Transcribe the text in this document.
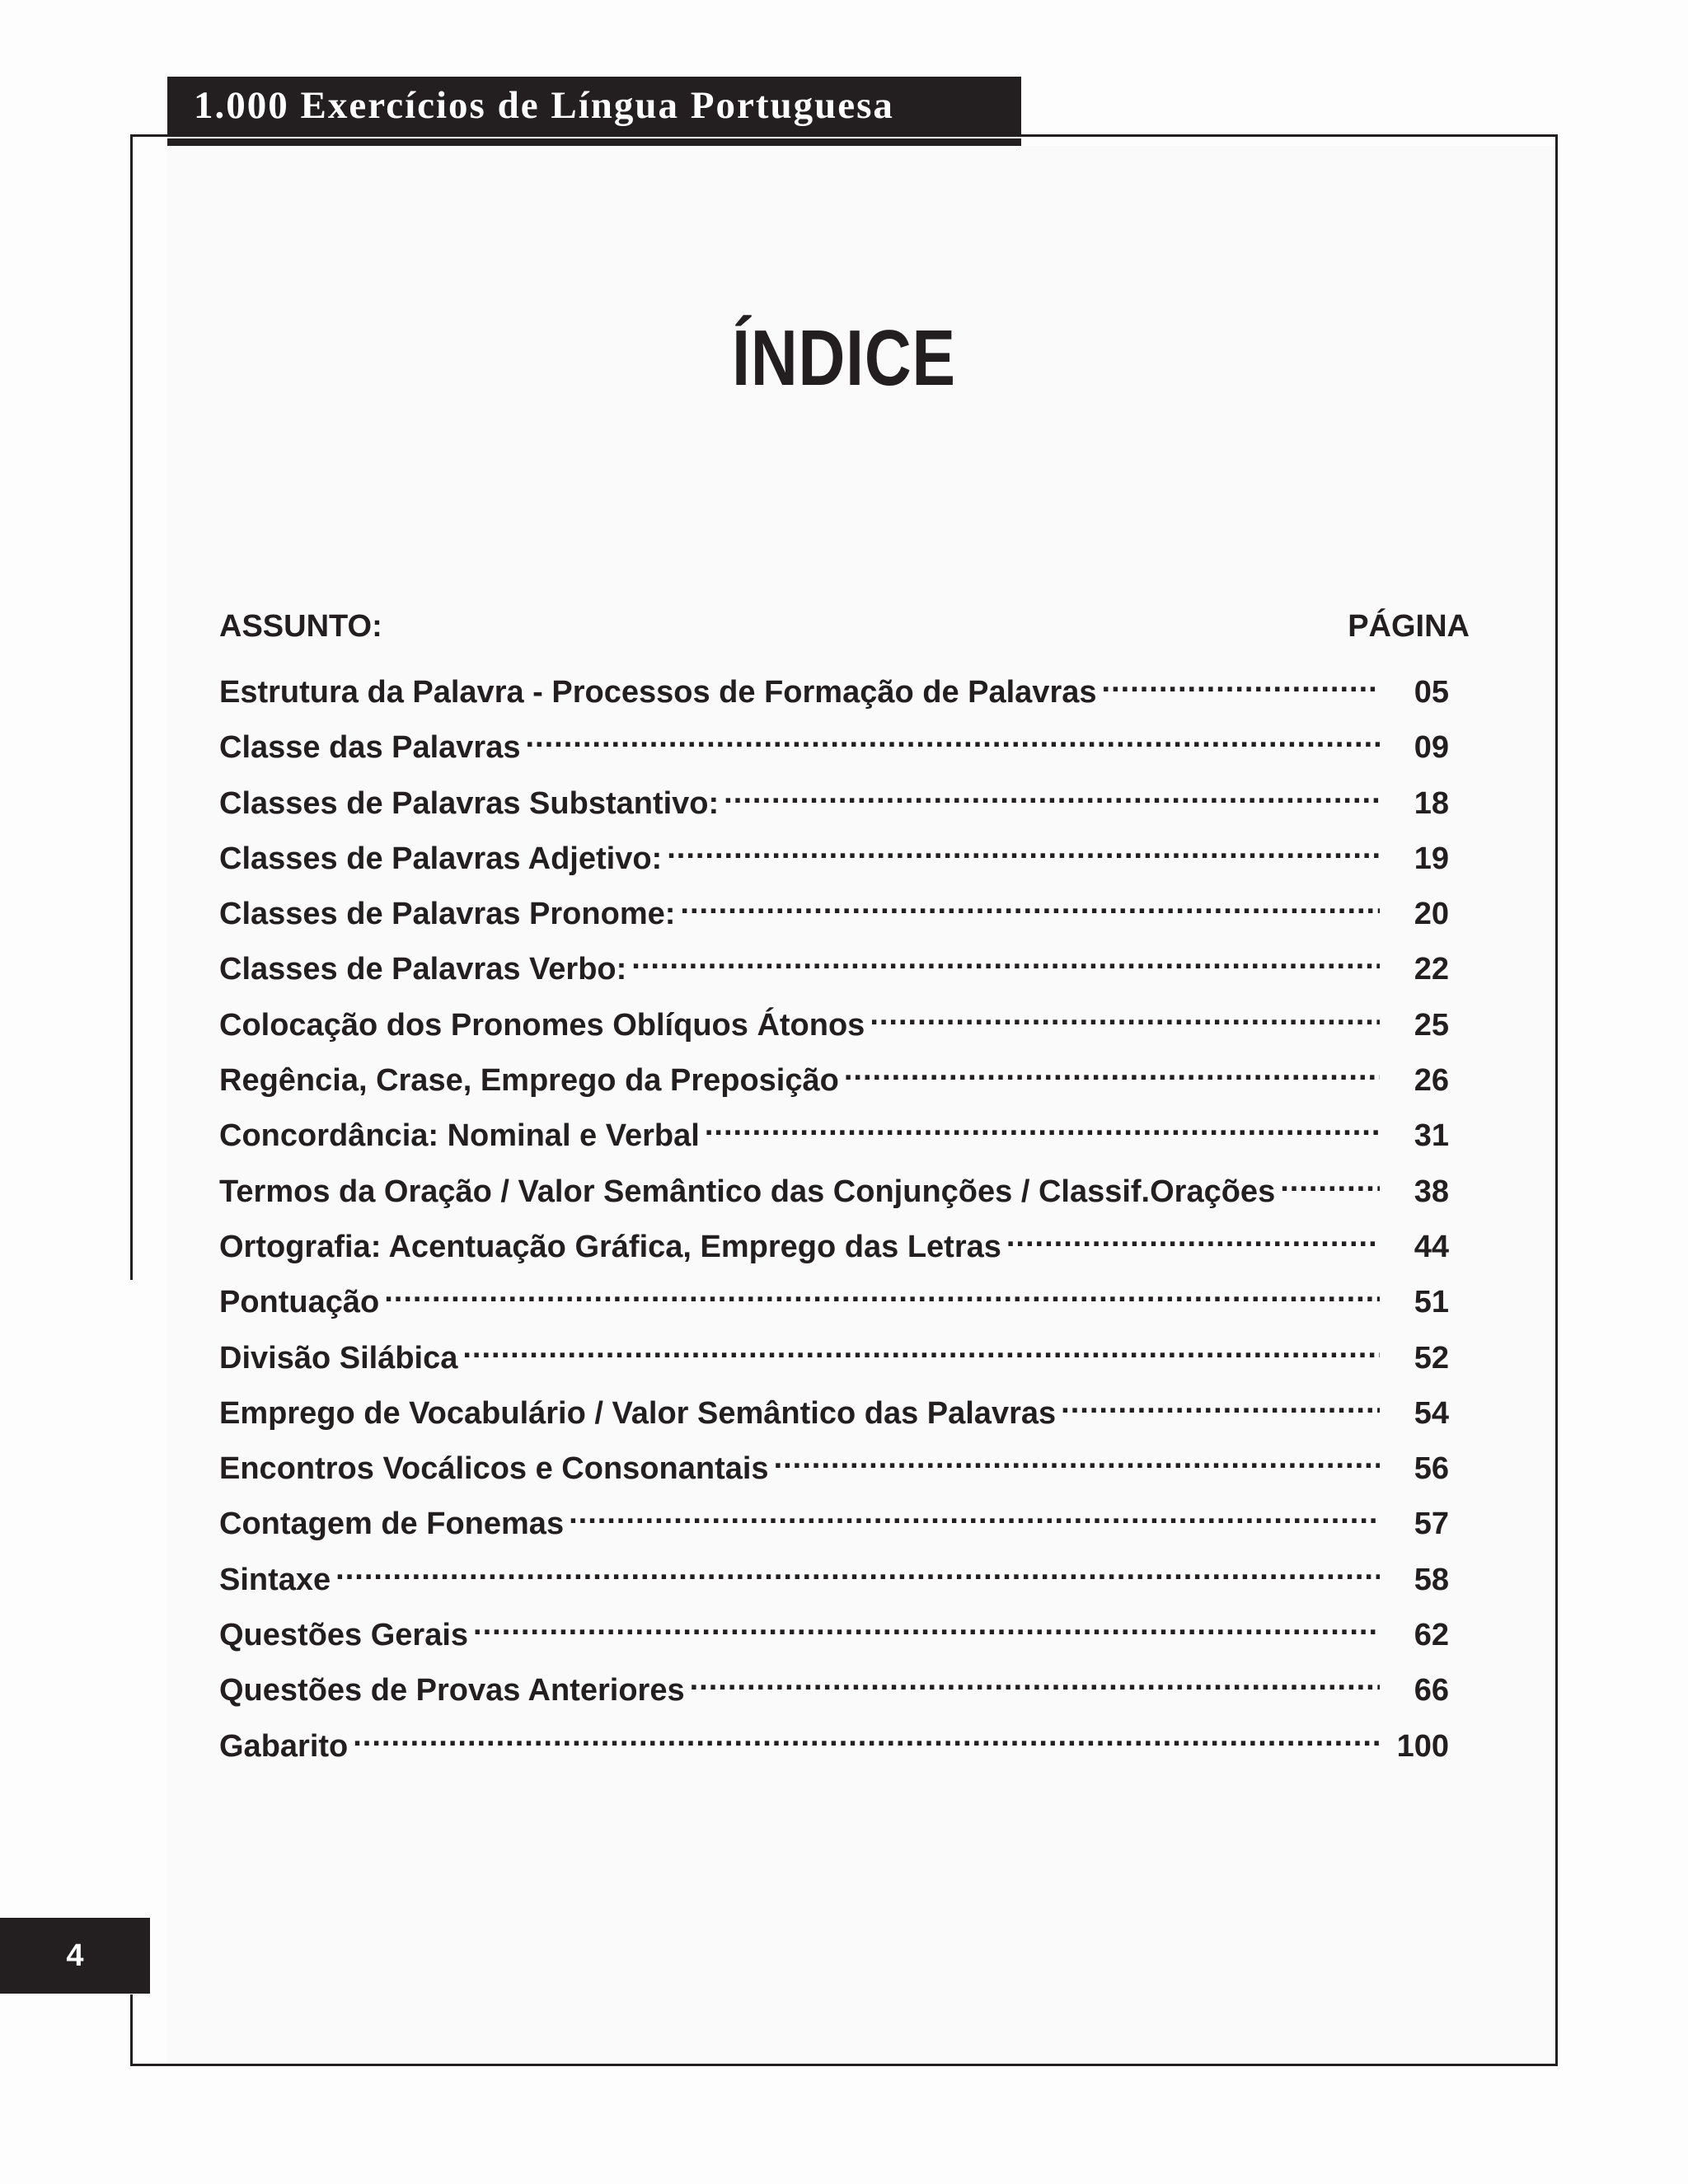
1.000 Exercícios de Língua Portuguesa
ÍNDICE
ASSUNTO:	PÁGINA
Estrutura da Palavra - Processos de Formação de Palavras .....	05
Classe das Palavras .....	09
Classes de Palavras Substantivo: .....	18
Classes de Palavras Adjetivo: .....	19
Classes de Palavras Pronome: .....	20
Classes de Palavras Verbo: .....	22
Colocação dos Pronomes Oblíquos Átonos .....	25
Regência, Crase, Emprego da Preposição .....	26
Concordância: Nominal e Verbal .....	31
Termos da Oração / Valor Semântico das Conjunções / Classif.Orações .....	38
Ortografia: Acentuação Gráfica, Emprego das Letras .....	44
Pontuação .....	51
Divisão Silábica .....	52
Emprego de Vocabulário / Valor Semântico das Palavras .....	54
Encontros Vocálicos e Consonantais .....	56
Contagem de Fonemas .....	57
Sintaxe .....	58
Questões Gerais .....	62
Questões de Provas Anteriores .....	66
Gabarito .....	100
4
